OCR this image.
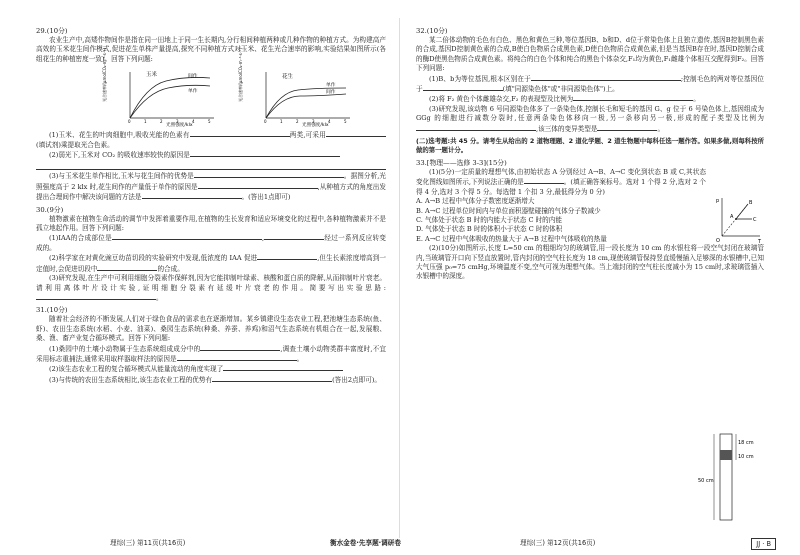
29.(10分)

农业生产中,高矮作物间作是指在同一田地上于同一生长期内,分行相间种植两种或几种作物的种植方式。为构建高产高效的玉米花生间作模式,促进花生单株产量提高,探究不同种植方式对玉米、花生光合速率的影响,实验结果如图所示(各组花生的种植密度一致)。回答下列问题:

玉米	间作
单作
光合速率/(μmolCO₂·m⁻²·s⁻¹)
光照强度/klx
0	1	2	3	4	5
花生
单作
间作
光合速率/(μmolCO₂·m⁻²·s⁻¹)
光照强度/klx
0	1	2	3	4	5

(1)玉米、花生的叶肉细胞中,吸收光能的色素有	两类,可采用(填试剂)乘提取光合色素。

(2)弱光下,玉米对 CO₂ 的吸收速率较快的原因是

(3)与玉米花生单作相比,玉米与花生间作的优势是	。据图分析,光照强度高于 2 klx 时,花生间作的产量低于单作的原因是	,从种植方式的角度出发提出合理间作中解决该问题的方法是	。(答出1点即可)

30.(9分)

植物激素在植物生命活动的调节中发挥着重要作用,在植物的生长发育和适应环境变化的过程中,各种植物激素并不是孤立地起作用。回答下列问题:

(1)IAA的合成部位是	,	经过一系列反应转变成的。

(2)科学家在对黄化豌豆幼苗切段的实验研究中发现,低浓度的 IAA 促进	,但生长素浓度增高到一定值时,会促进切段中	的合成。

(3)研究发现,在生产中可利用细胞分裂素作保鲜剂,因为它能抑制叶绿素、核酸和蛋白质的降解,从而抑制叶片衰老。请利用离体叶片设计实验,证明细胞分裂素有延缓叶片衰老的作用。简要写出实验思路:。

31.(10分)

随着社会经济的不断发展,人们对于绿色食品的需求也在逐渐增加。某乡镇建设生态农业工程,把池塘生态系统(鱼、虾)、农田生态系统(水稻、小麦、油菜)、桑园生态系统(种桑、养蚕、养鸡)和沼气生态系统有机组合在一起,发展粮、桑、渔、畜产业复合循环模式。回答下列问题:

(1)桑园中的土壤小动物属于生态系统组成成分中的	,调查土壤小动物类群丰富度时,不宜采用标志重捕法,通常采用取样器取样法的原因是	。

(2)该生态农业工程的复合循环模式从能量流动的角度实现了

(3)与传统的农田生态系统相比,该生态农业工程的优势有	(答出2点即可)。

32.(10分)

某二倍体动物的毛色有白色、黑色和黄色三种,等位基因B、b和D、d位于常染色体上且独立遗传,基因B控制黑色素的合成,基因D控制黄色素的合成,B使白色物质合成黑色素,D使白色物质合成黄色素,但是当基因B存在时,基因D控制合成的酶D使黑色物质合成黄色素。将纯合的白色个体和纯合的黑色个体杂交,F₁均为黄色,F₁雌雄个体相互交配得到F₂。回答下列问题:

(1)B、b为等位基因,根本区别在于	;控制毛色的两对等位基因位于	(填"同源染色体"或"非同源染色体")上。

(2)将 F₂ 黄色个体雌雄杂交,F₂ 的表现型及比例为	。

(3)研究发现,该动物 6 号同源染色体多了一条染色体,控制长毛和短毛的基因 G、g 位于 6 号染色体上,基因组成为 GGg 的细胞进行减数分裂时,任意两条染色体移向一极,另一条移向另一极,形成的配子类型及比例为,该三体的变异类型是	。

(二)选考题:共 45 分。请考生从给出的 2 道物理题、2 道化学题、2 道生物题中每科任选一题作答。如果多做,则每科按所做的第一题计分。

33.[物理——选修 3-3](15分)

(1)(5分)一定质量的理想气体,由初始状态 A 分别经过 A→B、A→C 变化到状态 B 或 C,其状态变化图线如图所示,下列说法正确的是	。(填正确答案标号。选对 1 个得 2 分,选对 2 个得 4 分,选对 3 个得 5 分。每选错 1 个扣 3 分,最低得分为 0 分)

A. A→B 过程中气体分子数密度逐渐增大

B. A→C 过程单位时间内与单位面积器壁碰撞的气体分子数减少

C. 气体处于状态 B 时的内能大于状态 C 时的内能

D. 气体处于状态 B 时的体积小于状态 C 时的体积

E. A→C 过程中气体吸收的热量大于 A→B 过程中气体吸收的热量

p
T
O
A
B
C

(2)(10分)如图所示,长度 L=50 cm 的粗细均匀的玻璃管,用一段长度为 10 cm 的水银柱将一段空气封闭在玻璃管内,当玻璃管开口向下竖直放置时,管内封闭的空气柱长度为 18 cm,现使玻璃管保持竖直缓慢插入足够深的水银槽中,已知大气压强 p₀=75 cmHg,环境温度不变,空气可视为理想气体。当上端封闭的空气柱长度减小为 15 cm时,求玻璃管插入水银槽中的深度。

18 cm
10 cm
50 cm
理综(三) 第11页(共16页)	衡水金卷·先享题·调研卷	理综(三) 第12页(共16页)	JJ · B
